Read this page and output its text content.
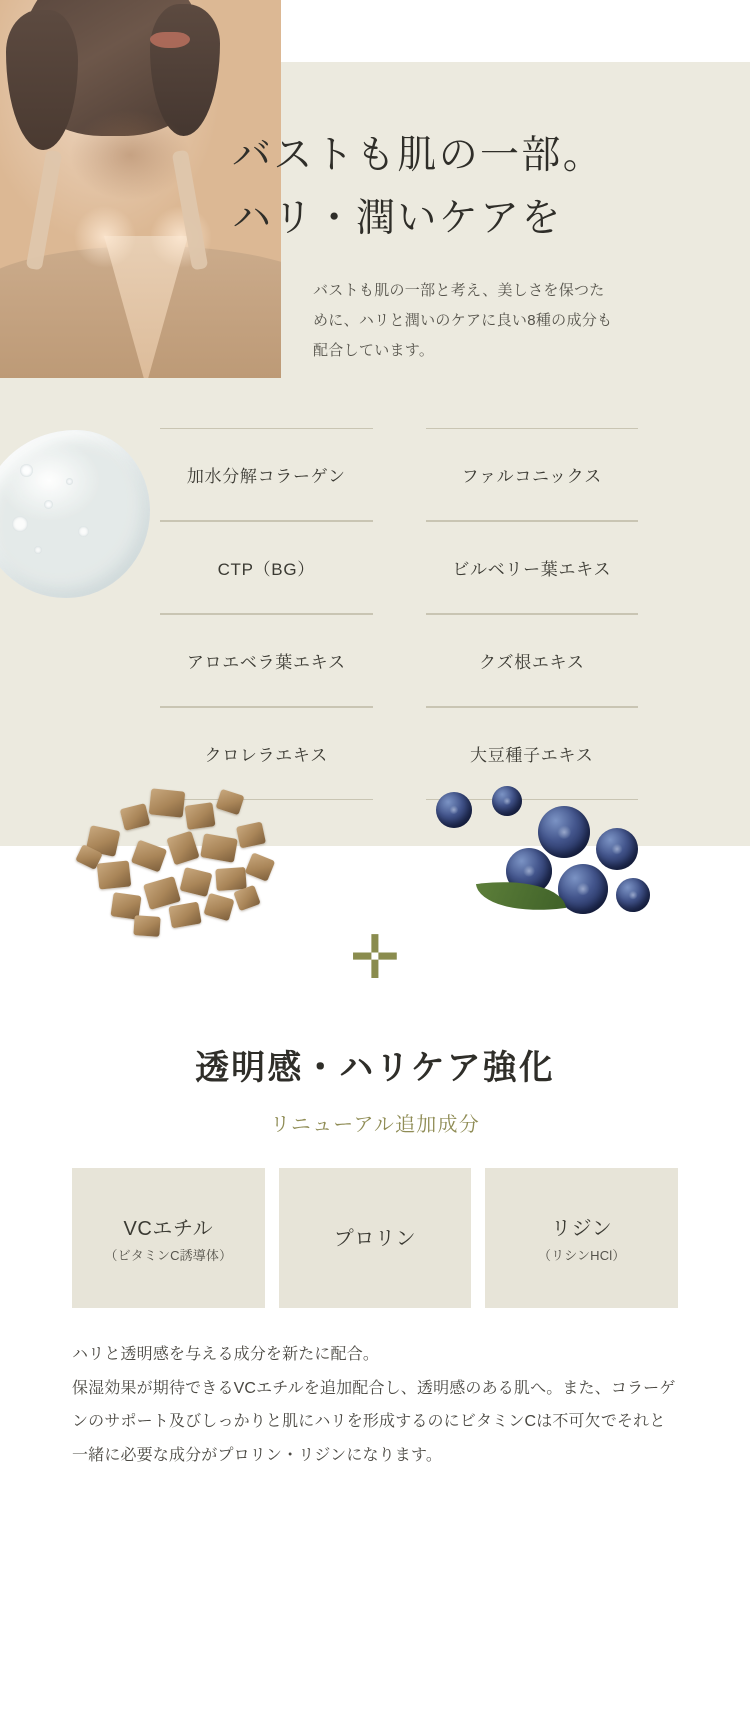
バストも肌の一部。
ハリ・潤いケアを

バストも肌の一部と考え、美しさを保つために、ハリと潤いのケアに良い8種の成分も配合しています。

加水分解コラーゲン	ファルコニックス
CTP（BG）	ビルベリー葉エキス
アロエベラ葉エキス	クズ根エキス
クロレラエキス	大豆種子エキス
✛
透明感・ハリケア強化
リニューアル追加成分
VCエチル
（ビタミンC誘導体）
プロリン	リジン
（リシンHCl）

ハリと透明感を与える成分を新たに配合。

保湿効果が期待できるVCエチルを追加配合し、透明感のある肌へ。また、コラーゲンのサポート及びしっかりと肌にハリを形成するのにビタミンCは不可欠でそれと一緒に必要な成分がプロリン・リジンになります。
